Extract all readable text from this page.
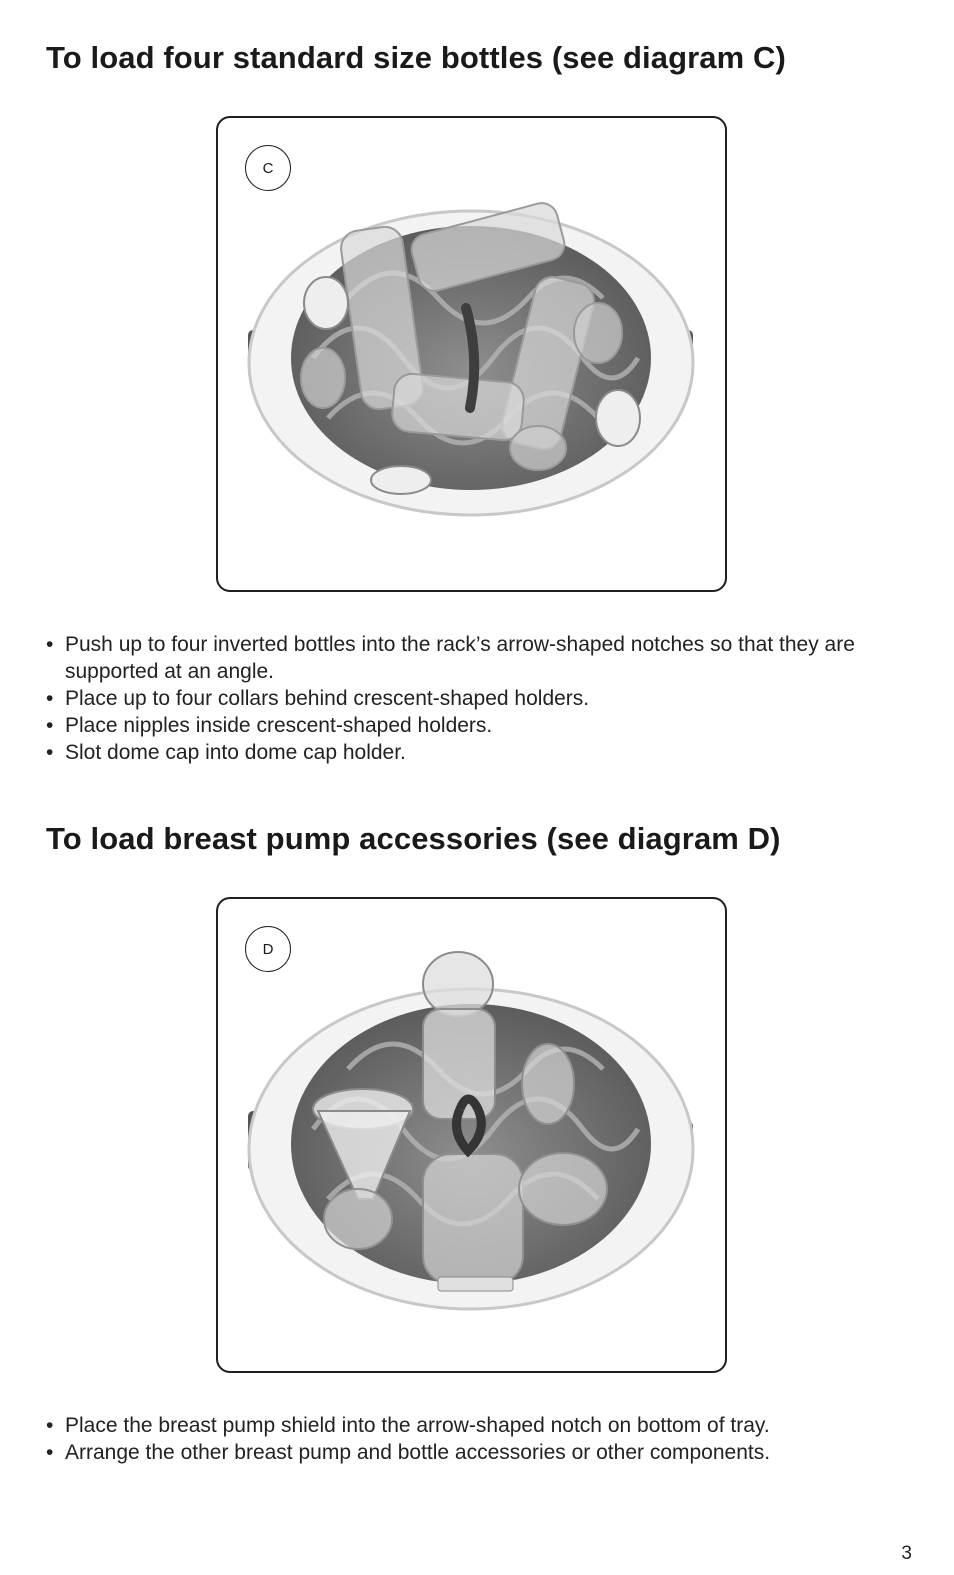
To load four standard size bottles (see diagram C)
C
• Push up to four inverted bottles into the rack’s arrow-shaped notches so that they are supported at an angle.
• Place up to four collars behind crescent-shaped holders.
• Place nipples inside crescent-shaped holders.
• Slot dome cap into dome cap holder.
To load breast pump accessories (see diagram D)
D
• Place the breast pump shield into the arrow-shaped notch on bottom of tray.
• Arrange the other breast pump and bottle accessories or other components.
3
